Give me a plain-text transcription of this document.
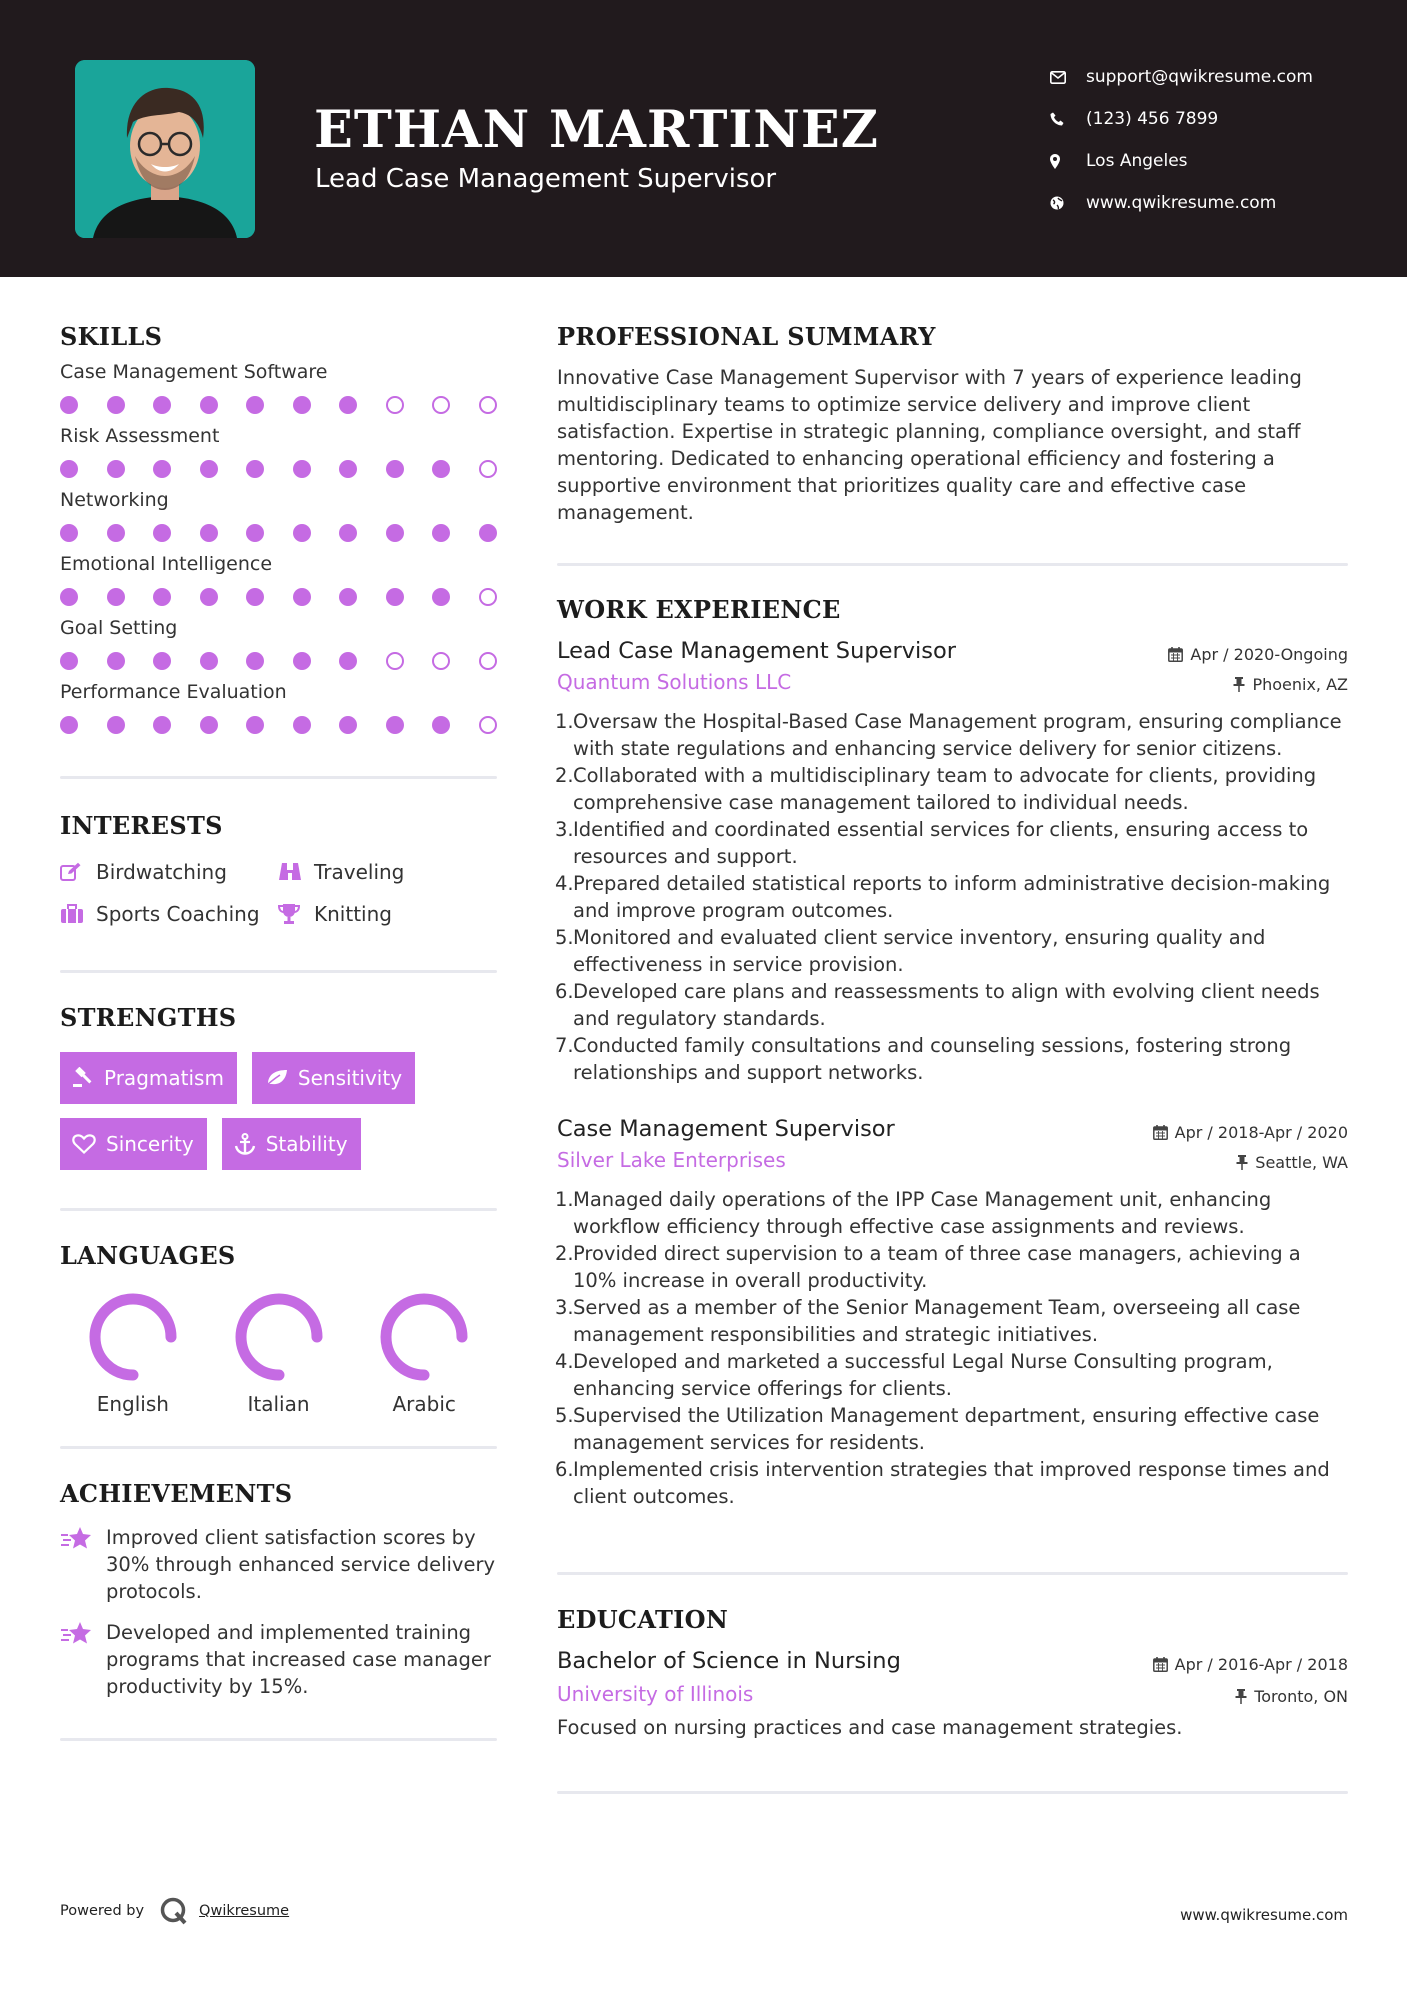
ETHAN MARTINEZ
Lead Case Management Supervisor
support@qwikresume.com
(123) 456 7899
Los Angeles
www.qwikresume.com
SKILLS
Case Management Software
Risk Assessment
Networking
Emotional Intelligence
Goal Setting
Performance Evaluation
INTERESTS
Birdwatching	Traveling
Sports Coaching	Knitting
STRENGTHS
Pragmatism	Sensitivity
Sincerity	Stability
LANGUAGES
English	Italian	Arabic
ACHIEVEMENTS
Improved client satisfaction scores by 30% through enhanced service delivery protocols.
Developed and implemented training programs that increased case manager productivity by 15%.
PROFESSIONAL SUMMARY
Innovative Case Management Supervisor with 7 years of experience leading multidisciplinary teams to optimize service delivery and improve client satisfaction. Expertise in strategic planning, compliance oversight, and staff mentoring. Dedicated to enhancing operational efficiency and fostering a supportive environment that prioritizes quality care and effective case management.
WORK EXPERIENCE
Lead Case Management Supervisor	Apr / 2020-Ongoing
Quantum Solutions LLC	Phoenix, AZ
1. Oversaw the Hospital-Based Case Management program, ensuring compliance with state regulations and enhancing service delivery for senior citizens.
2. Collaborated with a multidisciplinary team to advocate for clients, providing comprehensive case management tailored to individual needs.
3. Identified and coordinated essential services for clients, ensuring access to resources and support.
4. Prepared detailed statistical reports to inform administrative decision-making and improve program outcomes.
5. Monitored and evaluated client service inventory, ensuring quality and effectiveness in service provision.
6. Developed care plans and reassessments to align with evolving client needs and regulatory standards.
7. Conducted family consultations and counseling sessions, fostering strong relationships and support networks.
Case Management Supervisor	Apr / 2018-Apr / 2020
Silver Lake Enterprises	Seattle, WA
1. Managed daily operations of the IPP Case Management unit, enhancing workflow efficiency through effective case assignments and reviews.
2. Provided direct supervision to a team of three case managers, achieving a 10% increase in overall productivity.
3. Served as a member of the Senior Management Team, overseeing all case management responsibilities and strategic initiatives.
4. Developed and marketed a successful Legal Nurse Consulting program, enhancing service offerings for clients.
5. Supervised the Utilization Management department, ensuring effective case management services for residents.
6. Implemented crisis intervention strategies that improved response times and client outcomes.
EDUCATION
Bachelor of Science in Nursing	Apr / 2016-Apr / 2018
University of Illinois	Toronto, ON
Focused on nursing practices and case management strategies.
Powered by	Qwikresume	www.qwikresume.com
